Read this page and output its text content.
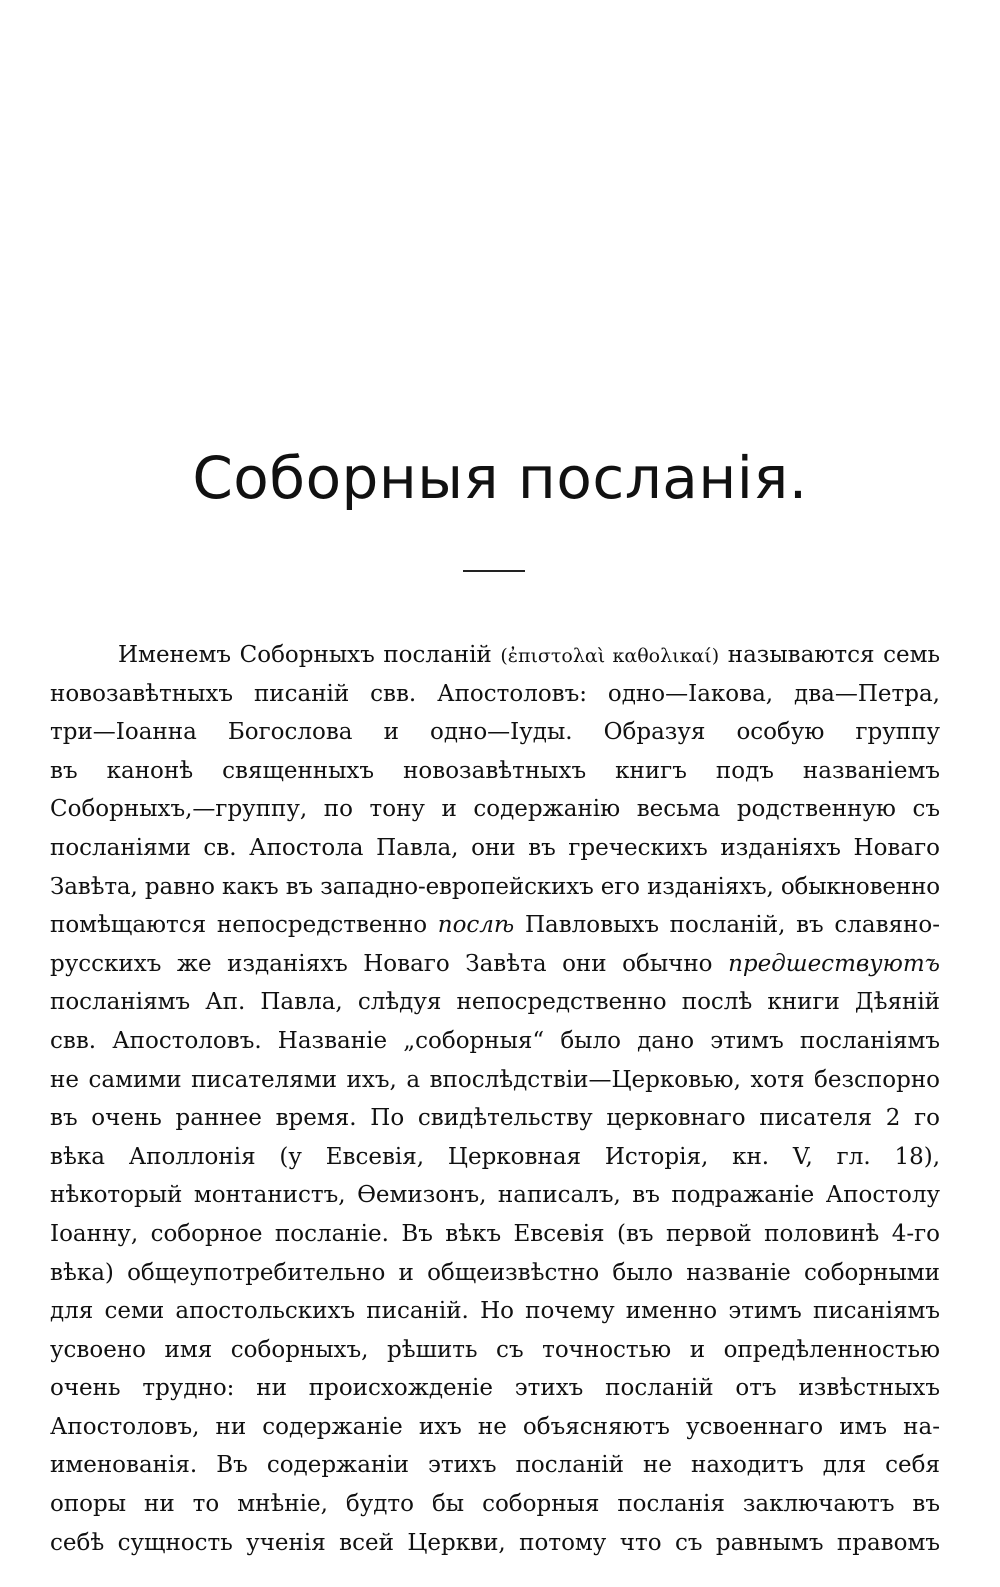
Соборныя посланія.
Именемъ Соборныхъ посланій (ἐπιστολαὶ καθολικαί) называются семь
новозавѣтныхъ писаній свв. Апостоловъ: одно—Іакова, два—Петра,
три—Іоанна Богослова и одно—Іуды. Образуя особую группу
въ канонѣ священныхъ новозавѣтныхъ книгъ подъ названіемъ
Соборныхъ,—группу, по тону и содержанію весьма родственную съ
посланіями св. Апостола Павла, они въ греческихъ изданіяхъ Новаго
Завѣта, равно какъ въ западно-европейскихъ его изданіяхъ, обыкновенно
помѣщаются непосредственно послѣ Павловыхъ посланій, въ славяно-
русскихъ же изданіяхъ Новаго Завѣта они обычно предшествуютъ
посланіямъ Ап. Павла, слѣдуя непосредственно послѣ книги Дѣяній
свв. Апостоловъ. Названіе „соборныя“ было дано этимъ посланіямъ
не самими писателями ихъ, а впослѣдствіи—Церковью, хотя безспорно
въ очень раннее время. По свидѣтельству церковнаго писателя 2 го
вѣка Аполлонія (у Евсевія, Церковная Исторія, кн. V, гл. 18),
нѣкоторый монтанистъ, Ѳемизонъ, написалъ, въ подражаніе Апостолу
Іоанну, соборное посланіе. Въ вѣкъ Евсевія (въ первой половинѣ 4-го
вѣка) общеупотребительно и общеизвѣстно было названіе соборными
для семи апостольскихъ писаній. Но почему именно этимъ писаніямъ
усвоено имя соборныхъ, рѣшить съ точностью и опредѣленностью
очень трудно: ни происхожденіе этихъ посланій отъ извѣстныхъ
Апостоловъ, ни содержаніе ихъ не объясняютъ усвоеннаго имъ на-
именованія. Въ содержаніи этихъ посланій не находитъ для себя
опоры ни то мнѣніе, будто бы соборныя посланія заключаютъ въ
себѣ сущность ученія всей Церкви, потому что съ равнымъ правомъ
